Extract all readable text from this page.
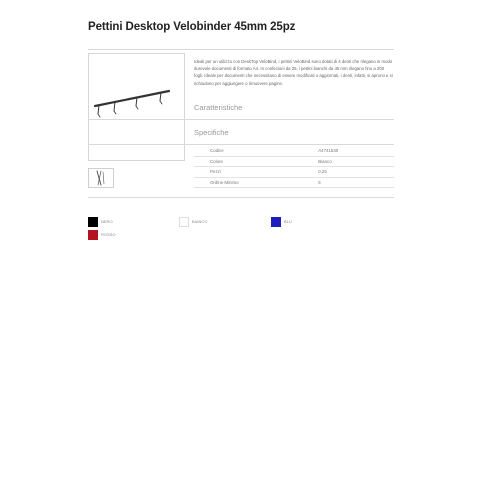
Pettini Desktop Velobinder 45mm 25pz
Ideali per un utilizzo con DeskTop VeloBind, i pettini VeloBind sono dotati di 4 denti che rilegano in modo durevole documenti di formato A4. In confezioni da 25, i pettini bianchi da 45 mm rilegano fino a 200 fogli. Ideale per documenti che necessitano di essere modificati o aggiornati, i denti, infatti, si aprono e si richiudono per aggiungere o rimuovere pagine.
Caratteristiche
Specifiche
Codice	A4741530
Colore	Bianco
Pezzi	0,25
Ordine Minimo	5
NERO	BIANCO	BLU
ROSSO
